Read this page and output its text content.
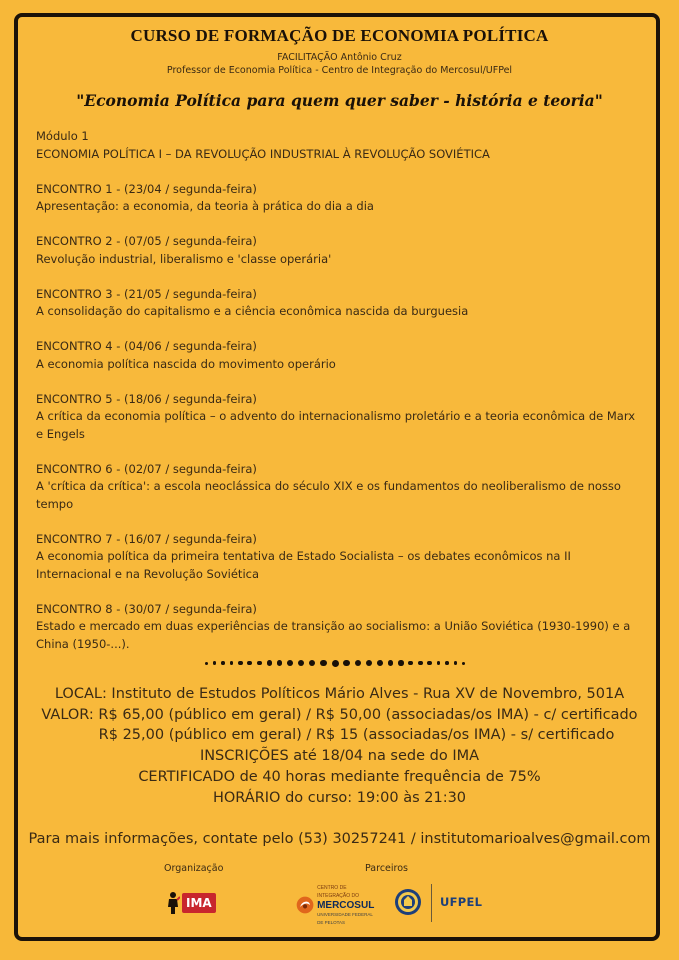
CURSO DE FORMAÇÃO DE ECONOMIA POLÍTICA
FACILITAÇÃO Antônio Cruz
Professor de Economia Política - Centro de Integração do Mercosul/UFPel
"Economia Política para quem quer saber - história e teoria"

Módulo 1

ECONOMIA POLÍTICA I – DA REVOLUÇÃO INDUSTRIAL À REVOLUÇÃO SOVIÉTICA

ENCONTRO 1 - (23/04 / segunda-feira)

Apresentação: a economia, da teoria à prática do dia a dia

ENCONTRO 2 - (07/05 / segunda-feira)

Revolução industrial, liberalismo e 'classe operária'

ENCONTRO 3 - (21/05 / segunda-feira)

A consolidação do capitalismo e a ciência econômica nascida da burguesia

ENCONTRO 4 - (04/06 / segunda-feira)

A economia política nascida do movimento operário

ENCONTRO 5 - (18/06 / segunda-feira)

A crítica da economia política – o advento do internacionalismo proletário e a teoria econômica de Marx e Engels

ENCONTRO 6 - (02/07 / segunda-feira)

A 'crítica da crítica': a escola neoclássica do século XIX e os fundamentos do neoliberalismo de nosso tempo

ENCONTRO 7 - (16/07 / segunda-feira)

A economia política da primeira tentativa de Estado Socialista – os debates econômicos na II Internacional e na Revolução Soviética

ENCONTRO 8 - (30/07 / segunda-feira)

Estado e mercado em duas experiências de transição ao socialismo: a União Soviética (1930-1990) e a China (1950-...).

LOCAL: Instituto de Estudos Políticos Mário Alves - Rua XV de Novembro, 501A

VALOR: R$ 65,00 (público em geral) / R$ 50,00 (associadas/os IMA) - c/ certificado

R$ 25,00 (público em geral) / R$ 15 (associadas/os IMA) - s/ certificado

INSCRIÇÕES até 18/04 na sede do IMA

CERTIFICADO de 40 horas mediante frequência de 75%

HORÁRIO do curso: 19:00 às 21:30

Para mais informações, contate pelo (53) 30257241 / institutomarioalves@gmail.com
Organização	Parceiros
IMA
CENTRO DE INTEGRAÇÃO DO
MERCOSUL
UNIVERSIDADE FEDERAL DE PELOTAS
UFPEL
